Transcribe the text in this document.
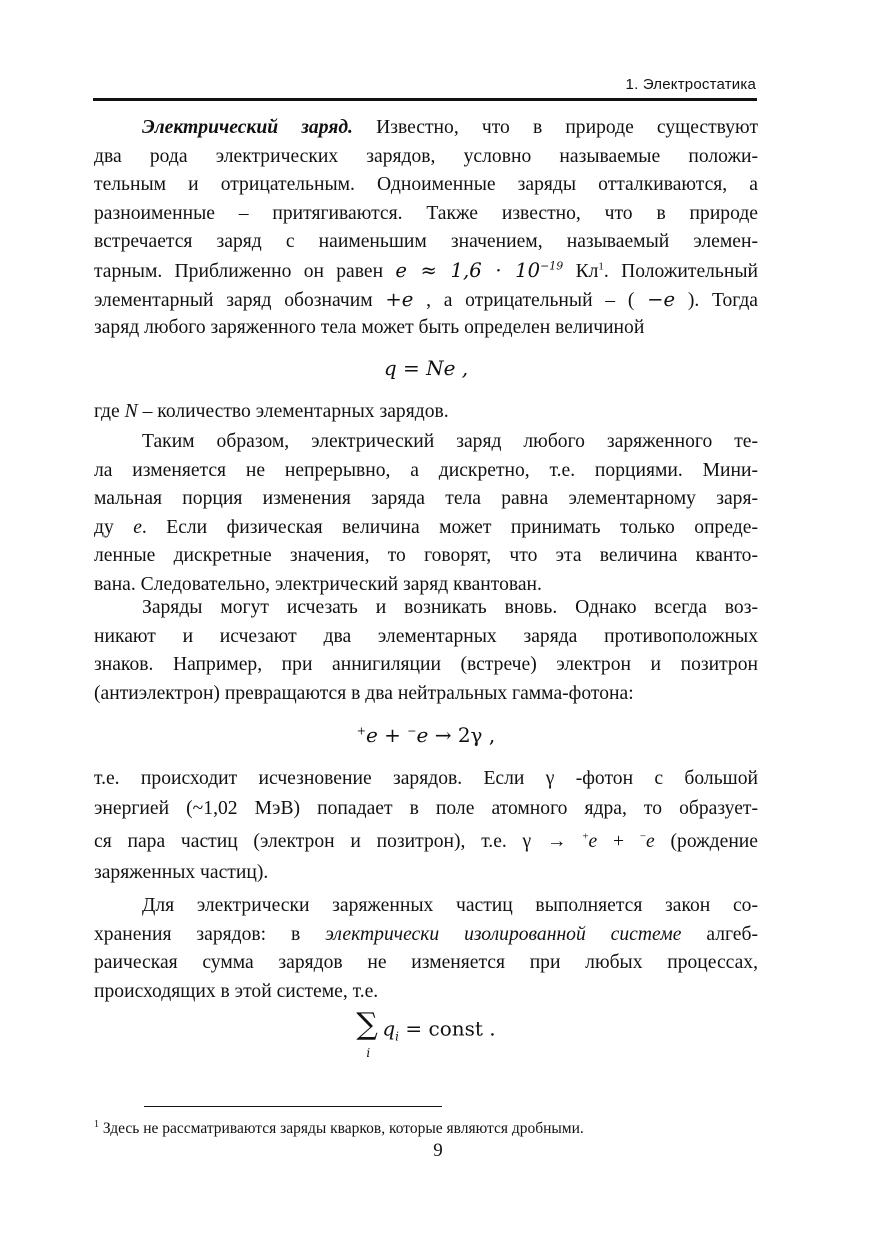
1. Электростатика
Электрический заряд. Известно, что в природе существуют
два рода электрических зарядов, условно называемые положи-
тельным и отрицательным. Одноименные заряды отталкиваются, а
разноименные – притягиваются. Также известно, что в природе
встречается заряд с наименьшим значением, называемый элемен-
тарным. Приближенно он равен $e \approx 1,6 \cdot 10^{-19}$ $Кл^1$. Положительный
элементарный заряд обозначим +e , а отрицательный – ( −e ). Тогда
заряд любого заряженного тела может быть определен величиной
q = Ne ,
где N – количество элементарных зарядов.
Таким образом, электрический заряд любого заряженного те-
ла изменяется не непрерывно, а дискретно, т.е. порциями. Мини-
мальная порция изменения заряда тела равна элементарному заря-
ду e. Если физическая величина может принимать только опреде-
ленные дискретные значения, то говорят, что эта величина кванто-
вана. Следовательно, электрический заряд квантован.
Заряды могут исчезать и возникать вновь. Однако всегда воз-
никают и исчезают два элементарных заряда противоположных
знаков. Например, при аннигиляции (встрече) электрон и позитрон
(антиэлектрон) превращаются в два нейтральных гамма-фотона:
+e + −e → 2γ ,
т.е. происходит исчезновение зарядов. Если γ -фотон с большой
энергией (~1,02 МэВ) попадает в поле атомного ядра, то образует-
ся пара частиц (электрон и позитрон), т.е. γ → +e + −e (рождение
заряженных частиц).
Для электрически заряженных частиц выполняется закон со-
хранения зарядов: в электрически изолированной системе алгеб-
раическая сумма зарядов не изменяется при любых процессах,
происходящих в этой системе, т.е.
∑
i
$q_i$ = const .
$^1$ Здесь не рассматриваются заряды кварков, которые являются дробными.
9
